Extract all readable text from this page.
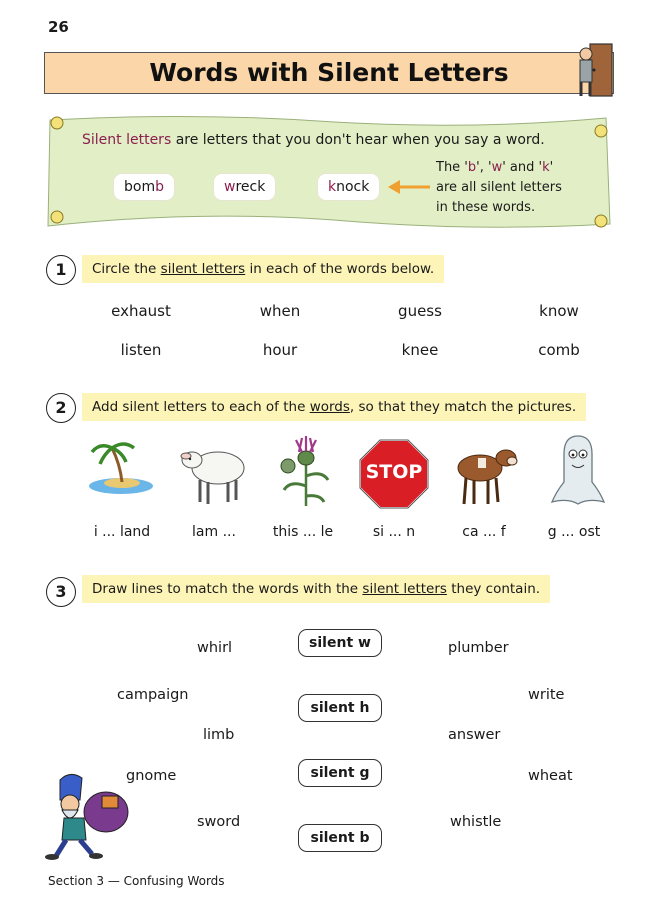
26
Words with Silent Letters
Silent letters are letters that you don't hear when you say a word.
bomb	wreck	knock
The 'b', 'w' and 'k'
are all silent letters
in these words.
1	Circle the silent letters in each of the words below.
exhaust	when	guess	know
listen	hour	knee	comb
2	Add silent letters to each of the words, so that they match the pictures.
STOP
i ... land	lam ...	this ... le	si ... n	ca ... f	g ... ost
3	Draw lines to match the words with the silent letters they contain.
silent w
silent h
silent g
silent b
whirl
campaign
limb
gnome
sword
plumber
write
answer
wheat
whistle
Section 3 — Confusing Words
